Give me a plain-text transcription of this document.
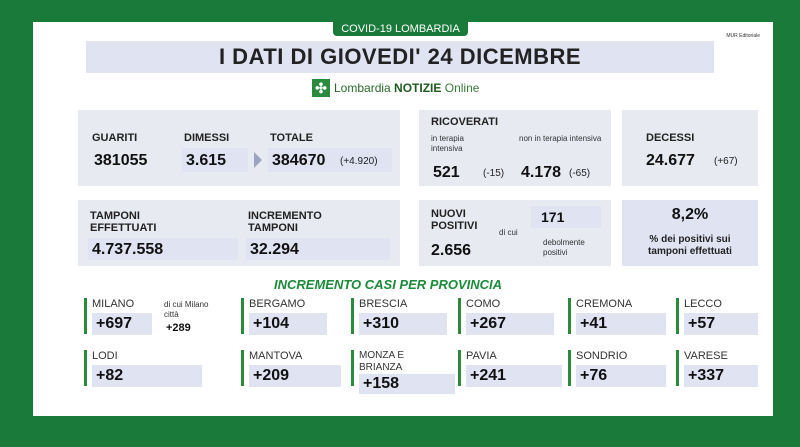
COVID-19 LOMBARDIA
MUR Editoriale
I DATI DI GIOVEDI' 24 DICEMBRE
✣ Lombardia NOTIZIE Online
GUARITI
381055
DIMESSI
3.615
TOTALE
384670 (+4.920)
RICOVERATI
in terapia intensiva
521 (-15)
non in terapia intensiva
4.178 (-65)
DECESSI
24.677 (+67)
TAMPONI EFFETTUATI
4.737.558
INCREMENTO TAMPONI
32.294
NUOVI POSITIVI
2.656
di cui
171
debolmente positivi
8,2%
% dei positivi sui tamponi effettuati
INCREMENTO CASI PER PROVINCIA
MILANO
+697
di cui Milano città
+289
BERGAMO
+104
BRESCIA
+310
COMO
+267
CREMONA
+41
LECCO
+57
LODI
+82
MANTOVA
+209
MONZA E BRIANZA
+158
PAVIA
+241
SONDRIO
+76
VARESE
+337
